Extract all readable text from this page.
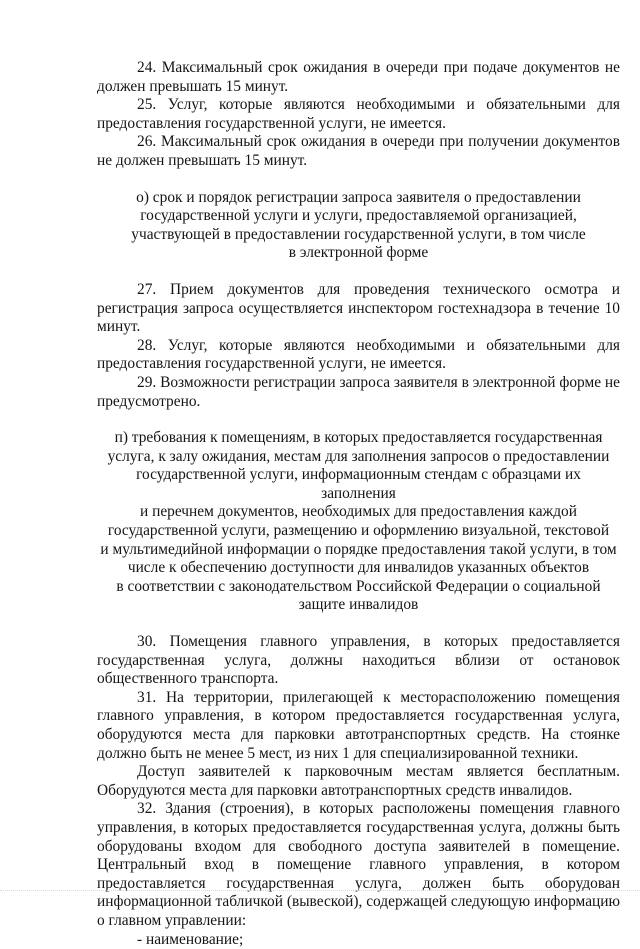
24. Максимальный срок ожидания в очереди при подаче документов не должен превышать 15 минут.

25. Услуг, которые являются необходимыми и обязательными для предоставления государственной услуги, не имеется.

26. Максимальный срок ожидания в очереди при получении документов не должен превышать 15 минут.

о) срок и порядок регистрации запроса заявителя о предоставлении

государственной услуги и услуги, предоставляемой организацией,

участвующей в предоставлении государственной услуги, в том числе

в электронной форме

27. Прием документов для проведения технического осмотра и регистрация запроса осуществляется инспектором гостехнадзора в течение 10 минут.

28. Услуг, которые являются необходимыми и обязательными для предоставления государственной услуги, не имеется.

29. Возможности регистрации запроса заявителя в электронной форме не предусмотрено.

п) требования к помещениям, в которых предоставляется государственная

услуга, к залу ожидания, местам для заполнения запросов о предоставлении

государственной услуги, информационным стендам с образцами их заполнения

и перечнем документов, необходимых для предоставления каждой

государственной услуги, размещению и оформлению визуальной, текстовой

и мультимедийной информации о порядке предоставления такой услуги, в том

числе к обеспечению доступности для инвалидов указанных объектов

в соответствии с законодательством Российской Федерации о социальной

защите инвалидов

30. Помещения главного управления, в которых предоставляется государственная услуга, должны находиться вблизи от остановок общественного транспорта.

31. На территории, прилегающей к месторасположению помещения главного управления, в котором предоставляется государственная услуга, оборудуются места для парковки автотранспортных средств. На стоянке должно быть не менее 5 мест, из них 1 для специализированной техники.

Доступ заявителей к парковочным местам является бесплатным. Оборудуются места для парковки автотранспортных средств инвалидов.

32. Здания (строения), в которых расположены помещения главного управления, в которых предоставляется государственная услуга, должны быть оборудованы входом для свободного доступа заявителей в помещение. Центральный вход в помещение главного управления, в котором предоставляется государственная услуга, должен быть оборудован информационной табличкой (вывеской), содержащей следующую информацию о главном управлении:

- наименование;
